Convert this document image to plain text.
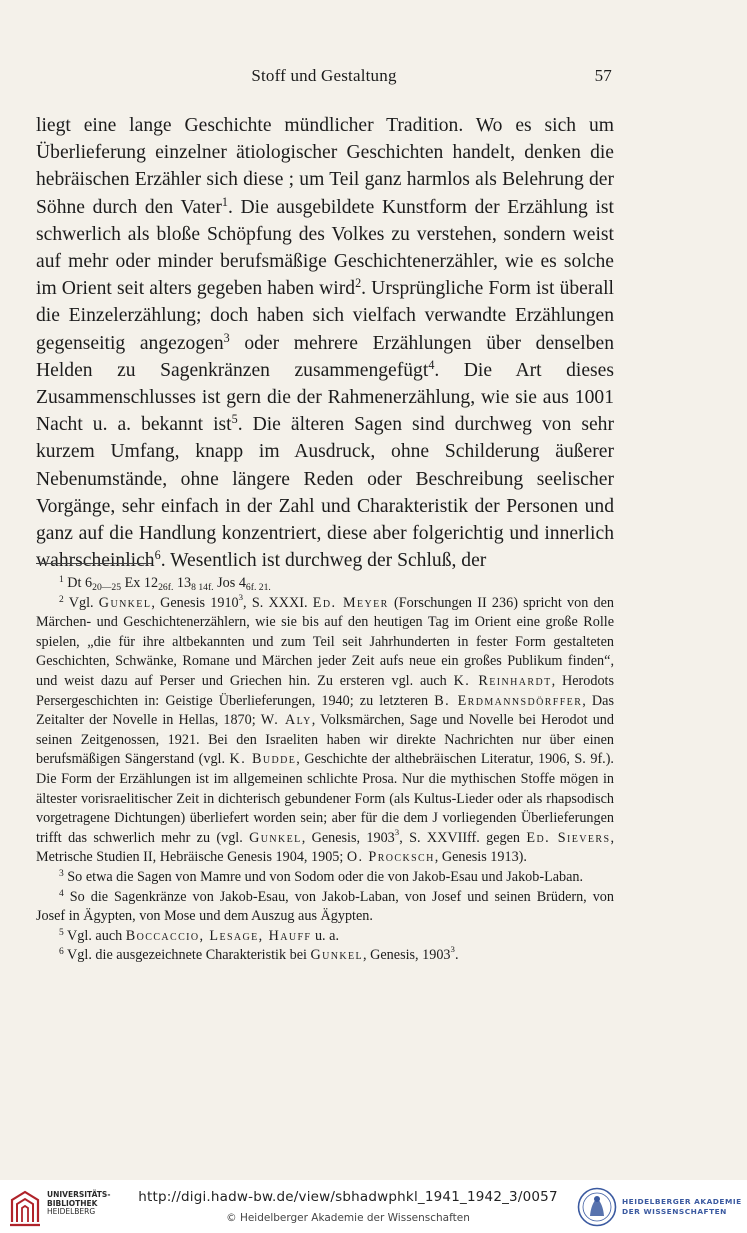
Stoff und Gestaltung	57

liegt eine lange Geschichte mündlicher Tradition. Wo es sich um Überlieferung einzelner ätiologischer Geschichten handelt, denken die hebräischen Erzähler sich diese ; um Teil ganz harmlos als Belehrung der Söhne durch den Vater$^1$. Die ausgebildete Kunstform der Erzählung ist schwerlich als bloße Schöpfung des Volkes zu verstehen, sondern weist auf mehr oder minder berufsmäßige Geschichtenerzähler, wie es solche im Orient seit alters gegeben haben wird$^2$. Ursprüngliche Form ist überall die Einzelerzählung; doch haben sich vielfach verwandte Erzählungen gegenseitig angezogen$^3$ oder mehrere Erzählungen über denselben Helden zu Sagenkränzen zusammengefügt$^4$. Die Art dieses Zusammenschlusses ist gern die der Rahmenerzählung, wie sie aus 1001 Nacht u. a. bekannt ist$^5$. Die älteren Sagen sind durchweg von sehr kurzem Umfang, knapp im Ausdruck, ohne Schilderung äußerer Nebenumstände, ohne längere Reden oder Beschreibung seelischer Vorgänge, sehr einfach in der Zahl und Charakteristik der Personen und ganz auf die Handlung konzentriert, diese aber folgerichtig und innerlich wahrscheinlich$^6$. Wesentlich ist durchweg der Schluß, der

$^1$ Dt $6_{20—25}$ Ex $12_{26f.}$ $13_{8 14f.}$ Jos $4_{6f. 21.}$

$^2$ Vgl. Gunkel, Genesis 1910$^3$, S. XXXI. Ed. Meyer (Forschungen II 236) spricht von den Märchen- und Geschichtenerzählern, wie sie bis auf den heutigen Tag im Orient eine große Rolle spielen, „die für ihre altbekannten und zum Teil seit Jahrhunderten in fester Form gestalteten Geschichten, Schwänke, Romane und Märchen jeder Zeit aufs neue ein großes Publikum finden“, und weist dazu auf Perser und Griechen hin. Zu ersteren vgl. auch K. Reinhardt, Herodots Persergeschichten in: Geistige Überlieferungen, 1940; zu letzteren B. Erdmannsdörffer, Das Zeitalter der Novelle in Hellas, 1870; W. Aly, Volksmärchen, Sage und Novelle bei Herodot und seinen Zeitgenossen, 1921. Bei den Israeliten haben wir direkte Nachrichten nur über einen berufsmäßigen Sängerstand (vgl. K. Budde, Geschichte der althebräischen Literatur, 1906, S. 9f.). Die Form der Erzählungen ist im allgemeinen schlichte Prosa. Nur die mythischen Stoffe mögen in ältester vorisraelitischer Zeit in dichterisch gebundener Form (als Kultus-Lieder oder als rhapsodisch vorgetragene Dichtungen) überliefert worden sein; aber für die dem J vorliegenden Überlieferungen trifft das schwerlich mehr zu (vgl. Gunkel, Genesis, 1903$^3$, S. XXVIIff. gegen Ed. Sievers, Metrische Studien II, Hebräische Genesis 1904, 1905; O. Procksch, Genesis 1913).

$^3$ So etwa die Sagen von Mamre und von Sodom oder die von Jakob-Esau und Jakob-Laban.

$^4$ So die Sagenkränze von Jakob-Esau, von Jakob-Laban, von Josef und seinen Brüdern, von Josef in Ägypten, von Mose und dem Auszug aus Ägypten.

$^5$ Vgl. auch Boccaccio, Lesage, Hauff u. a.

$^6$ Vgl. die ausgezeichnete Charakteristik bei Gunkel, Genesis, 1903$^3$.

UNIVERSITÄTS-
BIBLIOTHEK
HEIDELBERG
http://digi.hadw-bw.de/view/sbhadwphkl_1941_1942_3/0057
© Heidelberger Akademie der Wissenschaften
HEIDELBERGER AKADEMIE
DER WISSENSCHAFTEN
